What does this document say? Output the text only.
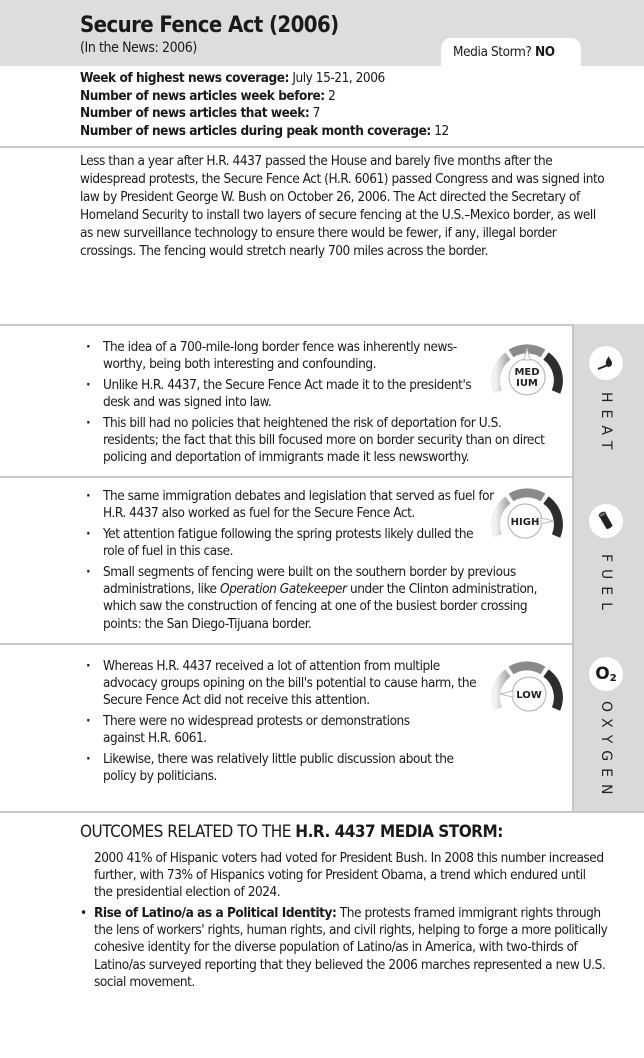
Secure Fence Act (2006)
(In the News: 2006)	Media Storm? NO
Week of highest news coverage: July 15-21, 2006
Number of news articles week before: 2
Number of news articles that week: 7
Number of news articles during peak month coverage: 12

Less than a year after H.R. 4437 passed the House and barely five months after the widespread protests, the Secure Fence Act (H.R. 6061) passed Congress and was signed into law by President George W. Bush on October 26, 2006. The Act directed the Secretary of Homeland Security to install two layers of secure fencing at the U.S.–Mexico border, as well as new surveillance technology to ensure there would be fewer, if any, illegal border crossings. The fencing would stretch nearly 700 miles across the border.

· The idea of a 700-mile-long border fence was inherently news-worthy, being both interesting and confounding.
· Unlike H.R. 4437, the Secure Fence Act made it to the president's desk and was signed into law.
· This bill had no policies that heightened the risk of deportation for U.S. residents; the fact that this bill focused more on border security than on direct policing and deportation of immigrants made it less newsworthy.
MED
IUM
HEAT
· The same immigration debates and legislation that served as fuel for H.R. 4437 also worked as fuel for the Secure Fence Act.
· Yet attention fatigue following the spring protests likely dulled the role of fuel in this case.
· Small segments of fencing were built on the southern border by previous administrations, like Operation Gatekeeper under the Clinton administration, which saw the construction of fencing at one of the busiest border crossing points: the San Diego-Tijuana border.
HIGH
FUEL
· Whereas H.R. 4437 received a lot of attention from multiple advocacy groups opining on the bill's potential to cause harm, the Secure Fence Act did not receive this attention.
· There were no widespread protests or demonstrations against H.R. 6061.
· Likewise, there was relatively little public discussion about the policy by politicians.
LOW
O 2
OXYGEN
OUTCOMES RELATED TO THE H.R. 4437 MEDIA STORM:

2000 41% of Hispanic voters had voted for President Bush. In 2008 this number increased further, with 73% of Hispanics voting for President Obama, a trend which endured until the presidential election of 2024.

• Rise of Latino/a as a Political Identity: The protests framed immigrant rights through the lens of workers' rights, human rights, and civil rights, helping to forge a more politically cohesive identity for the diverse population of Latino/as in America, with two-thirds of Latino/as surveyed reporting that they believed the 2006 marches represented a new U.S. social movement.
